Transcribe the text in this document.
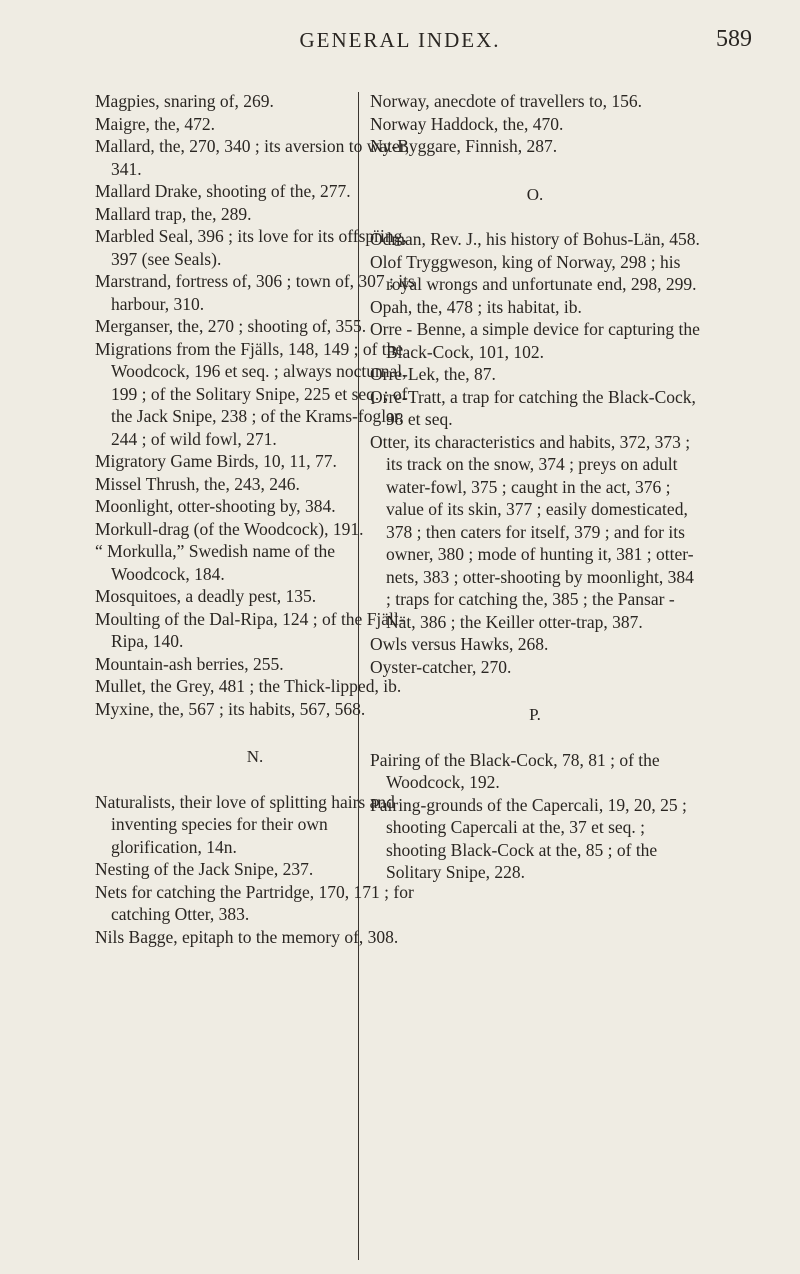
GENERAL INDEX.	589

Magpies, snaring of, 269.

Maigre, the, 472.

Mallard, the, 270, 340 ; its aversion to water, 341.

Mallard Drake, shooting of the, 277.

Mallard trap, the, 289.

Marbled Seal, 396 ; its love for its offspring, 397 (see Seals).

Marstrand, fortress of, 306 ; town of, 307 ; its harbour, 310.

Merganser, the, 270 ; shooting of, 355.

Migrations from the Fjälls, 148, 149 ; of the Woodcock, 196 et seq. ; always nocturnal, 199 ; of the Solitary Snipe, 225 et seq. ; of the Jack Snipe, 238 ; of the Krams-foglar, 244 ; of wild fowl, 271.

Migratory Game Birds, 10, 11, 77.

Missel Thrush, the, 243, 246.

Moonlight, otter-shooting by, 384.

Morkull-drag (of the Woodcock), 191.

“ Morkulla,” Swedish name of the Woodcock, 184.

Mosquitoes, a deadly pest, 135.

Moulting of the Dal-Ripa, 124 ; of the Fjäll-Ripa, 140.

Mountain-ash berries, 255.

Mullet, the Grey, 481 ; the Thick-lipped, ib.

Myxine, the, 567 ; its habits, 567, 568.

N.

Naturalists, their love of splitting hairs and inventing species for their own glorification, 14n.

Nesting of the Jack Snipe, 237.

Nets for catching the Partridge, 170, 171 ; for catching Otter, 383.

Nils Bagge, epitaph to the memory of, 308.

Norway, anecdote of travellers to, 156.

Norway Haddock, the, 470.

Ny-Byggare, Finnish, 287.

O.

Ödman, Rev. J., his history of Bohus-Län, 458.

Olof Tryggweson, king of Norway, 298 ; his royal wrongs and unfortunate end, 298, 299.

Opah, the, 478 ; its habitat, ib.

Orre - Benne, a simple device for capturing the Black-Cock, 101, 102.

Orre-Lek, the, 87.

Orre-Tratt, a trap for catching the Black-Cock, 98 et seq.

Otter, its characteristics and habits, 372, 373 ; its track on the snow, 374 ; preys on adult water-fowl, 375 ; caught in the act, 376 ; value of its skin, 377 ; easily domesticated, 378 ; then caters for itself, 379 ; and for its owner, 380 ; mode of hunting it, 381 ; otter-nets, 383 ; otter-shooting by moonlight, 384 ; traps for catching the, 385 ; the Pansar - Nät, 386 ; the Keiller otter-trap, 387.

Owls versus Hawks, 268.

Oyster-catcher, 270.

P.

Pairing of the Black-Cock, 78, 81 ; of the Woodcock, 192.

Pairing-grounds of the Capercali, 19, 20, 25 ; shooting Capercali at the, 37 et seq. ; shooting Black-Cock at the, 85 ; of the Solitary Snipe, 228.
